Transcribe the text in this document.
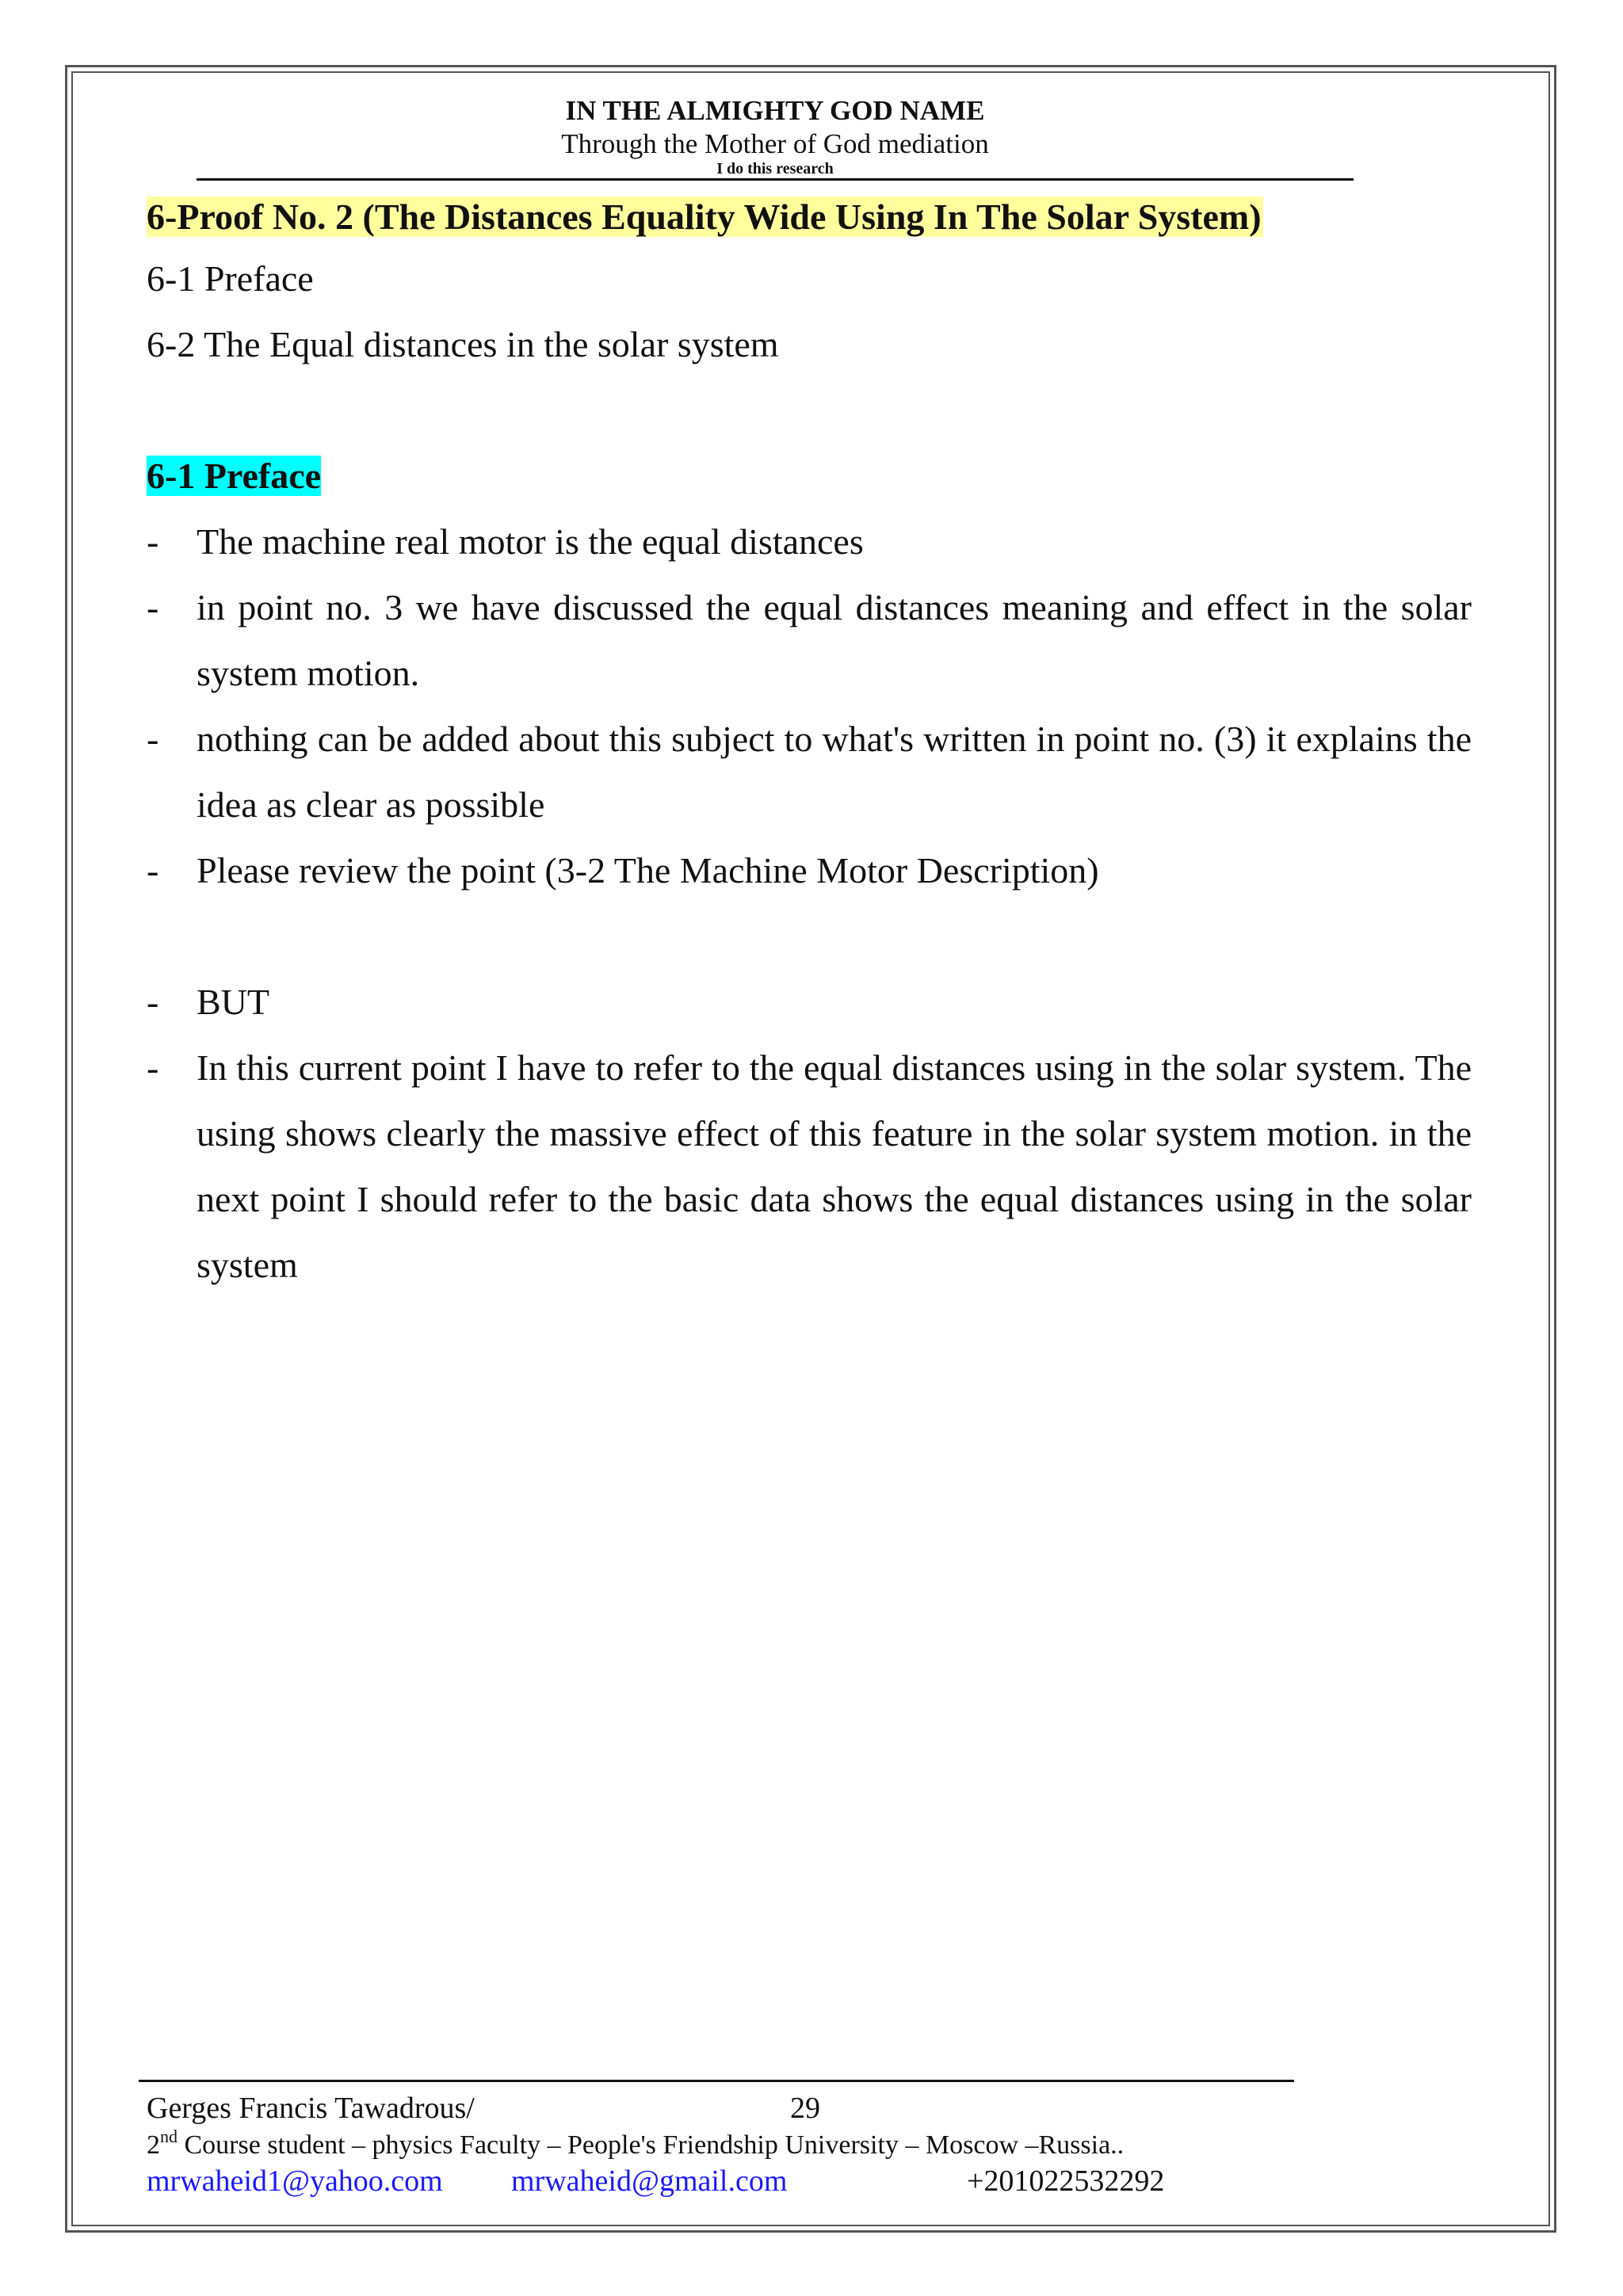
IN THE ALMIGHTY GOD NAME
Through the Mother of God mediation
I do this research
6-Proof No. 2 (The Distances Equality Wide Using In The Solar System)
6-1 Preface
6-2 The Equal distances in the solar system
6-1 Preface
-	The machine real motor is the equal distances
-	in point no. 3 we have discussed the equal distances meaning and effect in the solar system motion.
-	nothing can be added about this subject to what's written in point no. (3) it explains the idea as clear as possible
-	Please review the point (3-2 The Machine Motor Description)
-	BUT
-	In this current point I have to refer to the equal distances using in the solar system. The using shows clearly the massive effect of this feature in the solar system motion. in the next point I should refer to the basic data shows the equal distances using in the solar system
Gerges Francis Tawadrous/	29
2nd Course student – physics Faculty – People's Friendship University – Moscow –Russia..
mrwaheid1@yahoo.com mrwaheid@gmail.com	+201022532292
